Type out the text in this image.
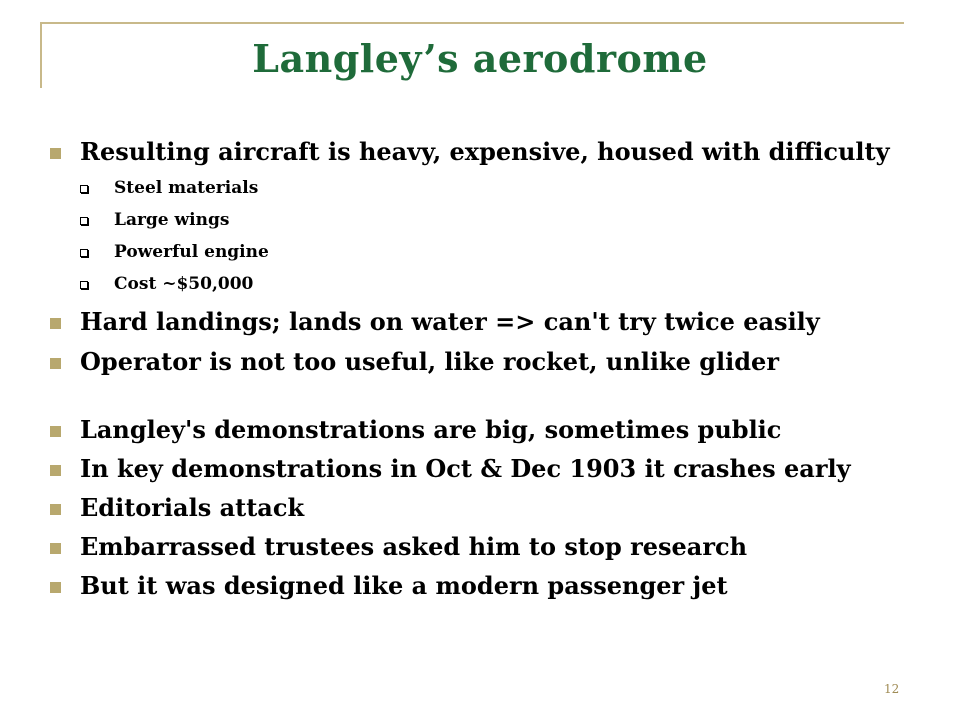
Langley’s aerodrome
Resulting aircraft is heavy, expensive, housed with difficulty
Steel materials
Large wings
Powerful engine
Cost ~$50,000
Hard landings; lands on water => can't try twice easily
Operator is not too useful, like rocket, unlike glider
Langley's demonstrations are big, sometimes public
In key demonstrations in Oct & Dec 1903 it crashes early
Editorials attack
Embarrassed trustees asked him to stop research
But it was designed like a modern passenger jet
12
